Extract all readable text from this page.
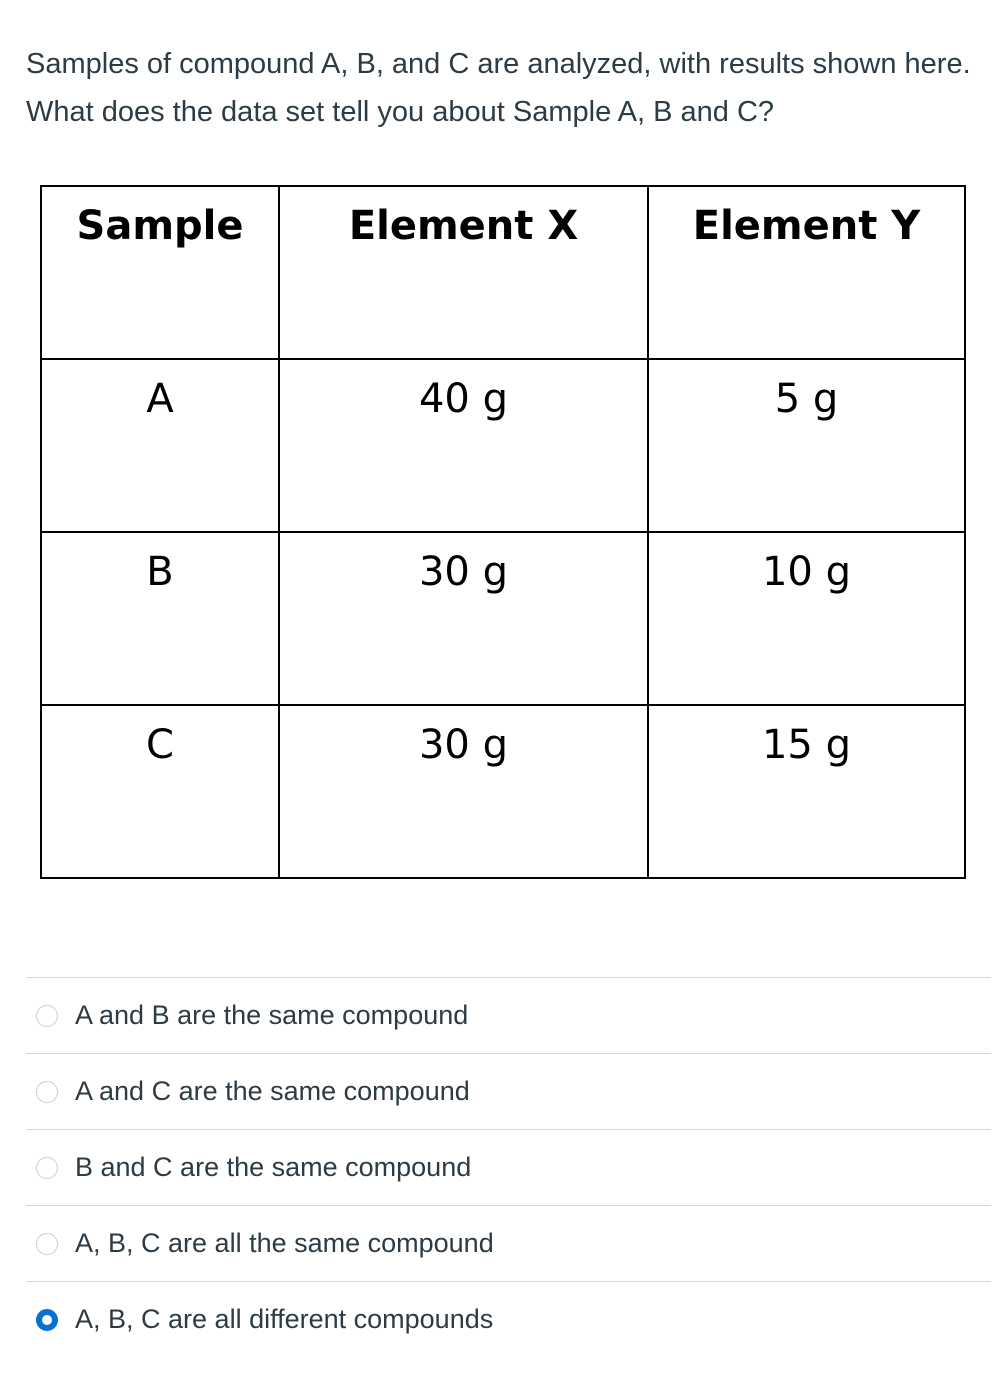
Samples of compound A, B, and C are analyzed, with results shown here. What does the data set tell you about Sample A, B and C?

Sample	Element X	Element Y
A	40 g	5 g
B	30 g	10 g
C	30 g	15 g
A and B are the same compound
A and C are the same compound
B and C are the same compound
A, B, C are all the same compound
A, B, C are all different compounds
